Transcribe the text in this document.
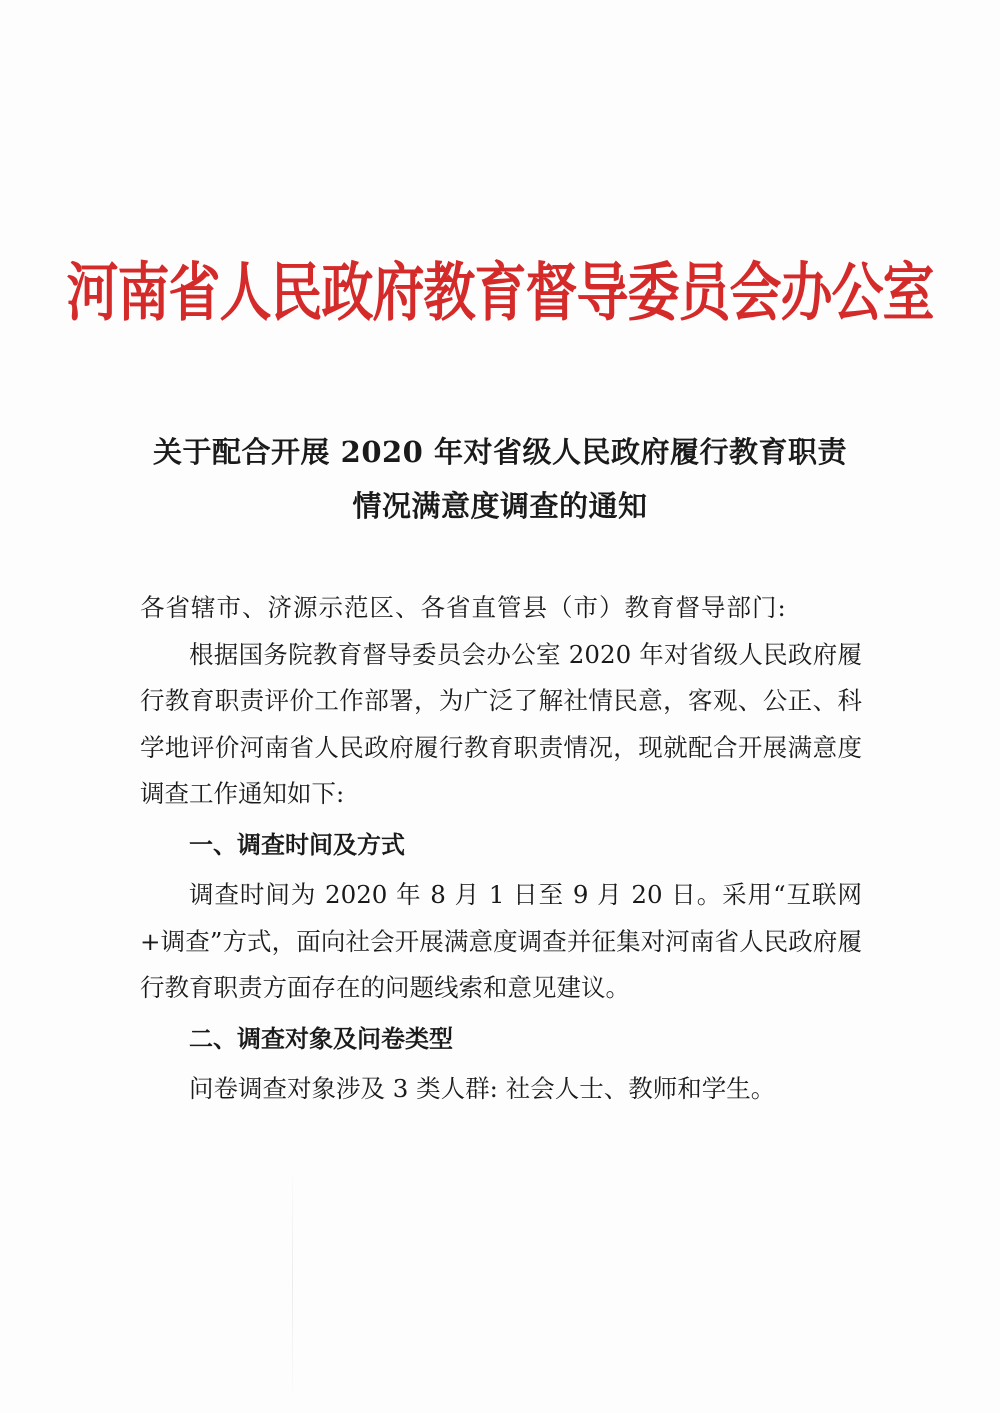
河南省人民政府教育督导委员会办公室
关于配合开展 2020 年对省级人民政府履行教育职责
情况满意度调查的通知

各省辖市、济源示范区、各省直管县（市）教育督导部门:

根据国务院教育督导委员会办公室 2020 年对省级人民政府履行教育职责评价工作部署，为广泛了解社情民意，客观、公正、科学地评价河南省人民政府履行教育职责情况，现就配合开展满意度调查工作通知如下:

一、调查时间及方式

调查时间为 2020 年 8 月 1 日至 9 月 20 日。采用“互联网+调查”方式，面向社会开展满意度调查并征集对河南省人民政府履行教育职责方面存在的问题线索和意见建议。

二、调查对象及问卷类型

问卷调查对象涉及 3 类人群: 社会人士、教师和学生。
